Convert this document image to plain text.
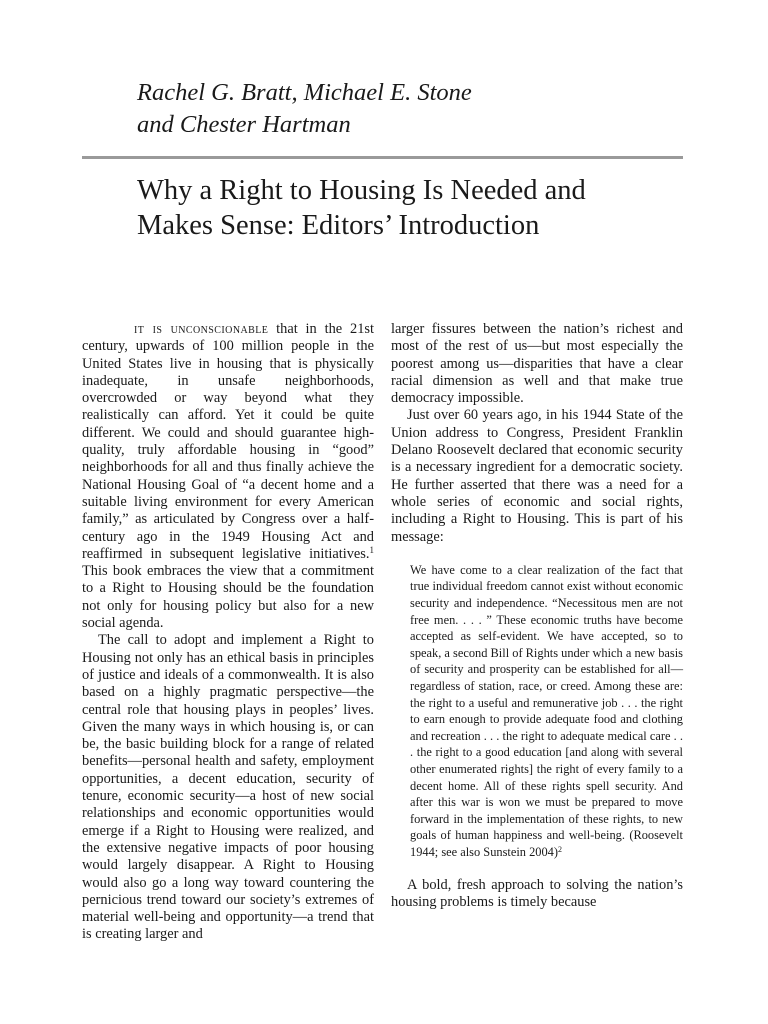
Rachel G. Bratt, Michael E. Stone
and Chester Hartman
Why a Right to Housing Is Needed and
Makes Sense: Editors’ Introduction

it is unconscionable that in the 21st century, upwards of 100 million people in the United States live in housing that is physically inadequate, in unsafe neighborhoods, overcrowded or way beyond what they realistically can afford. Yet it could be quite different. We could and should guarantee high-quality, truly affordable housing in “good” neighborhoods for all and thus finally achieve the National Housing Goal of “a decent home and a suitable living environment for every American family,” as articulated by Congress over a half-century ago in the 1949 Housing Act and reaffirmed in subsequent legislative initiatives.$^1$ This book embraces the view that a commitment to a Right to Housing should be the foundation not only for housing policy but also for a new social agenda.

The call to adopt and implement a Right to Housing not only has an ethical basis in principles of justice and ideals of a commonwealth. It is also based on a highly pragmatic perspective—the central role that housing plays in peoples’ lives. Given the many ways in which housing is, or can be, the basic building block for a range of related benefits—personal health and safety, employment opportunities, a decent education, security of tenure, economic security—a host of new social relationships and economic opportunities would emerge if a Right to Housing were realized, and the extensive negative impacts of poor housing would largely disappear. A Right to Housing would also go a long way toward countering the pernicious trend toward our society’s extremes of material well-being and opportunity—a trend that is creating larger and

larger fissures between the nation’s richest and most of the rest of us—but most especially the poorest among us—disparities that have a clear racial dimension as well and that make true democracy impossible.

Just over 60 years ago, in his 1944 State of the Union address to Congress, President Franklin Delano Roosevelt declared that economic security is a necessary ingredient for a democratic society. He further asserted that there was a need for a whole series of economic and social rights, including a Right to Housing. This is part of his message:

We have come to a clear realization of the fact that true individual freedom cannot exist without economic security and independence. “Necessitous men are not free men. . . . ” These economic truths have become accepted as self-evident. We have accepted, so to speak, a second Bill of Rights under which a new basis of security and prosperity can be established for all—regardless of station, race, or creed. Among these are: the right to a useful and remunerative job . . . the right to earn enough to provide adequate food and clothing and recreation . . . the right to adequate medical care . . . the right to a good education [and along with several other enumerated rights] the right of every family to a decent home. All of these rights spell security. And after this war is won we must be prepared to move forward in the implementation of these rights, to new goals of human happiness and well-being. (Roosevelt 1944; see also Sunstein 2004)$^2$

A bold, fresh approach to solving the nation’s housing problems is timely because
